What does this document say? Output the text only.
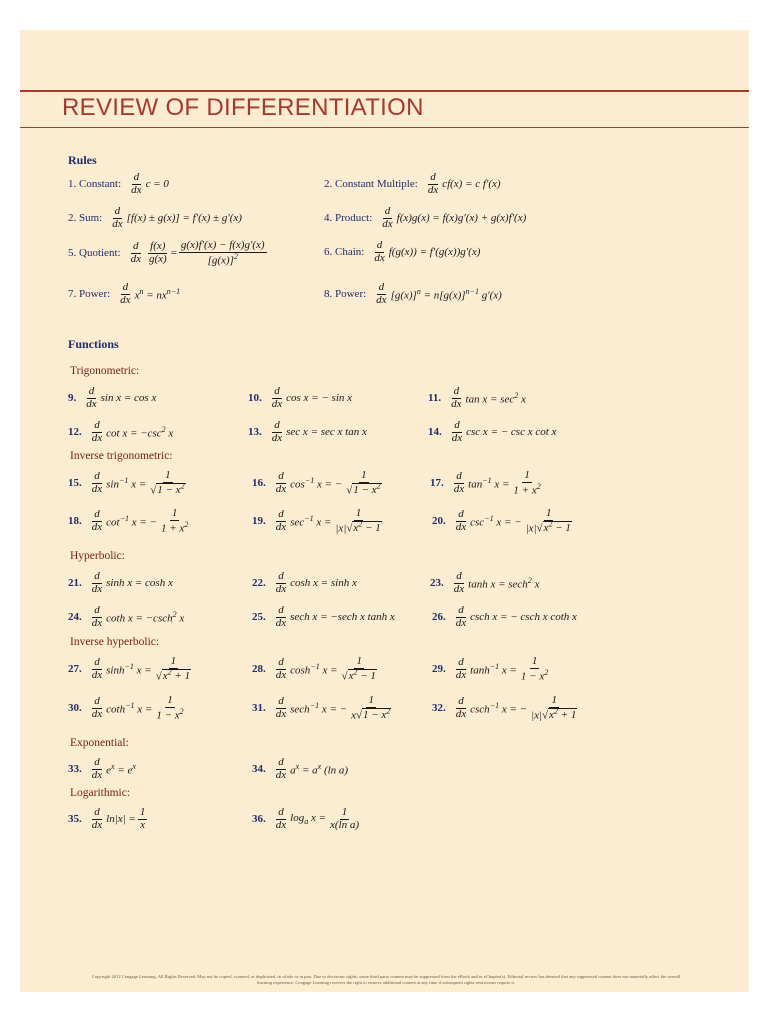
REVIEW OF DIFFERENTIATION
Rules
1. Constant: $\frac{d}{dx}$ c = 0	2. Constant Multiple: $\frac{d}{dx} cf(x) = c$ f′(x)
2. Sum: $\frac{d}{dx} [f(x) \pm g(x)] = f'(x) \pm g'(x)$	4. Product: $\frac{d}{dx} f(x)g(x) = f(x)g'(x) + g(x)f'(x)$
5. Quotient: $\frac{d}{dx} \frac{f(x)}{g(x)} = \frac{g(x)f'(x) - f(x)g'(x)}{[g(x)]^2}$	6. Chain: $\frac{d}{dx} f(g(x)) = f'(g(x))g'(x)$
7. Power: $\frac{d}{dx} x^n = nx^{n-1}$	8. Power: $\frac{d}{dx} [g(x)]^n = n[g(x)]^{n-1}$ g′(x)
Functions
Trigonometric:
9. $\frac{d}{dx}$ sin x = cos x	10. $\frac{d}{dx}$ cos x = − sin x	11. $\frac{d}{dx}$ $\tan x = \sec^2 x$
12. $\frac{d}{dx}$ $\cot x = -\csc^2$ x	13. $\frac{d}{dx}$ sec x = sec x tan x	14. $\frac{d}{dx}$ csc x = − csc x cot x
Inverse trigonometric:
15. $\frac{d}{dx} \sin^{-1} x = \frac{1}{√1 - x^2}$	16. $\frac{d}{dx} \cos^{-1} x$ = − $\frac{1}{√1 - x^2}$	17. $\frac{d}{dx} \tan^{-1} x = \frac{1}{1 + x^2}$
18. $\frac{d}{dx} \cot^{-1} x$ = − $\frac{1}{1 + x^2}$	19. $\frac{d}{dx} \sec^{-1} x = \frac{1}{|x|√x^2 - 1}$	20. $\frac{d}{dx} \csc^{-1} x$ = − $\frac{1}{|x|√x^2 - 1}$
Hyperbolic:
21. $\frac{d}{dx}$ sinh x = cosh x	22. $\frac{d}{dx}$ cosh x = sinh x	23. $\frac{d}{dx}$ tanh x = sech$^2$ x
24. $\frac{d}{dx}$ coth x = −csch$^2$ x	25. $\frac{d}{dx}$ sech x = −sech x tanh x	26. $\frac{d}{dx}$ csch x = − csch x coth x
Inverse hyperbolic:
27. $\frac{d}{dx} \sinh^{-1} x = \frac{1}{√x^2 + 1}$	28. $\frac{d}{dx} \cosh^{-1} x = \frac{1}{√x^2 - 1}$	29. $\frac{d}{dx} \tanh^{-1} x = \frac{1}{1 - x^2}$
30. $\frac{d}{dx} \cot h^{-1}$ $x = \frac{1}{1 - x^2}$	31. $\frac{d}{dx} \sec h^{-1}$ x = − $\frac{1}{x√1 - x^2}$	32. $\frac{d}{dx} \csc h^{-1}$ x = − $\frac{1}{|x|√x^2 + 1}$
Exponential:
33. $\frac{d}{dx} e^x = e^x$	34. $\frac{d}{dx} a^x = a^x$ (ln a)
Logarithmic:
35. $\frac{d}{dx} \ln|x| = \frac{1}{x}$	36. $\frac{d}{dx} \log_a x = \frac{1}{\text{x(ln a)}}$
Copyright 2012 Cengage Learning. All Rights Reserved. May not be copied, scanned, or duplicated, in whole or in part. Due to electronic rights, some third party content may be suppressed from the eBook and/or eChapter(s). Editorial review has deemed that any suppressed content does not materially affect the overall learning experience. Cengage Learning reserves the right to remove additional content at any time if subsequent rights restrictions require it.
